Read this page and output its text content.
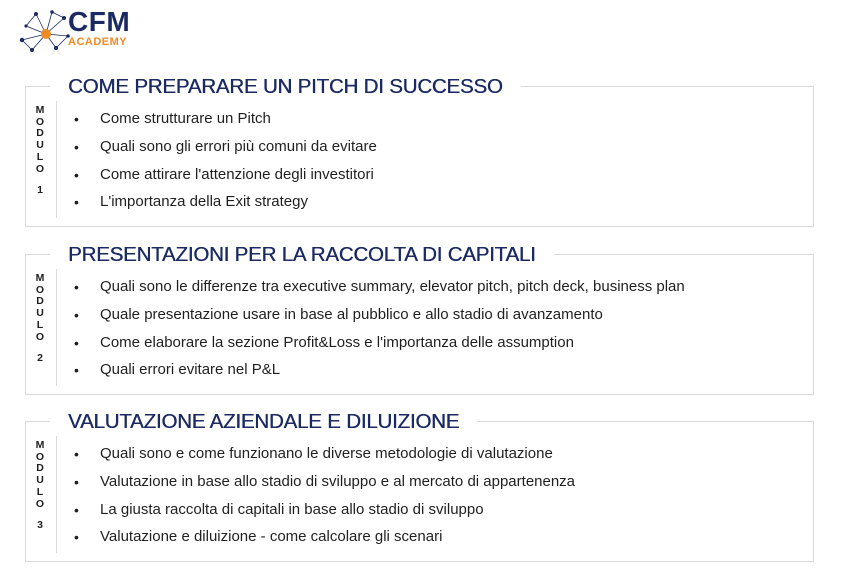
CFM
ACADEMY
COME PREPARARE UN PITCH DI SUCCESSO
M
O
D
U
L
O
1
• Come strutturare un Pitch
• Quali sono gli errori più comuni da evitare
• Come attirare l'attenzione degli investitori
• L'importanza della Exit strategy
PRESENTAZIONI PER LA RACCOLTA DI CAPITALI
M
O
D
U
L
O
2
• Quali sono le differenze tra executive summary, elevator pitch, pitch deck, business plan
• Quale presentazione usare in base al pubblico e allo stadio di avanzamento
• Come elaborare la sezione Profit&Loss e l'importanza delle assumption
• Quali errori evitare nel P&L
VALUTAZIONE AZIENDALE E DILUIZIONE
M
O
D
U
L
O
3
• Quali sono e come funzionano le diverse metodologie di valutazione
• Valutazione in base allo stadio di sviluppo e al mercato di appartenenza
• La giusta raccolta di capitali in base allo stadio di sviluppo
• Valutazione e diluizione - come calcolare gli scenari
